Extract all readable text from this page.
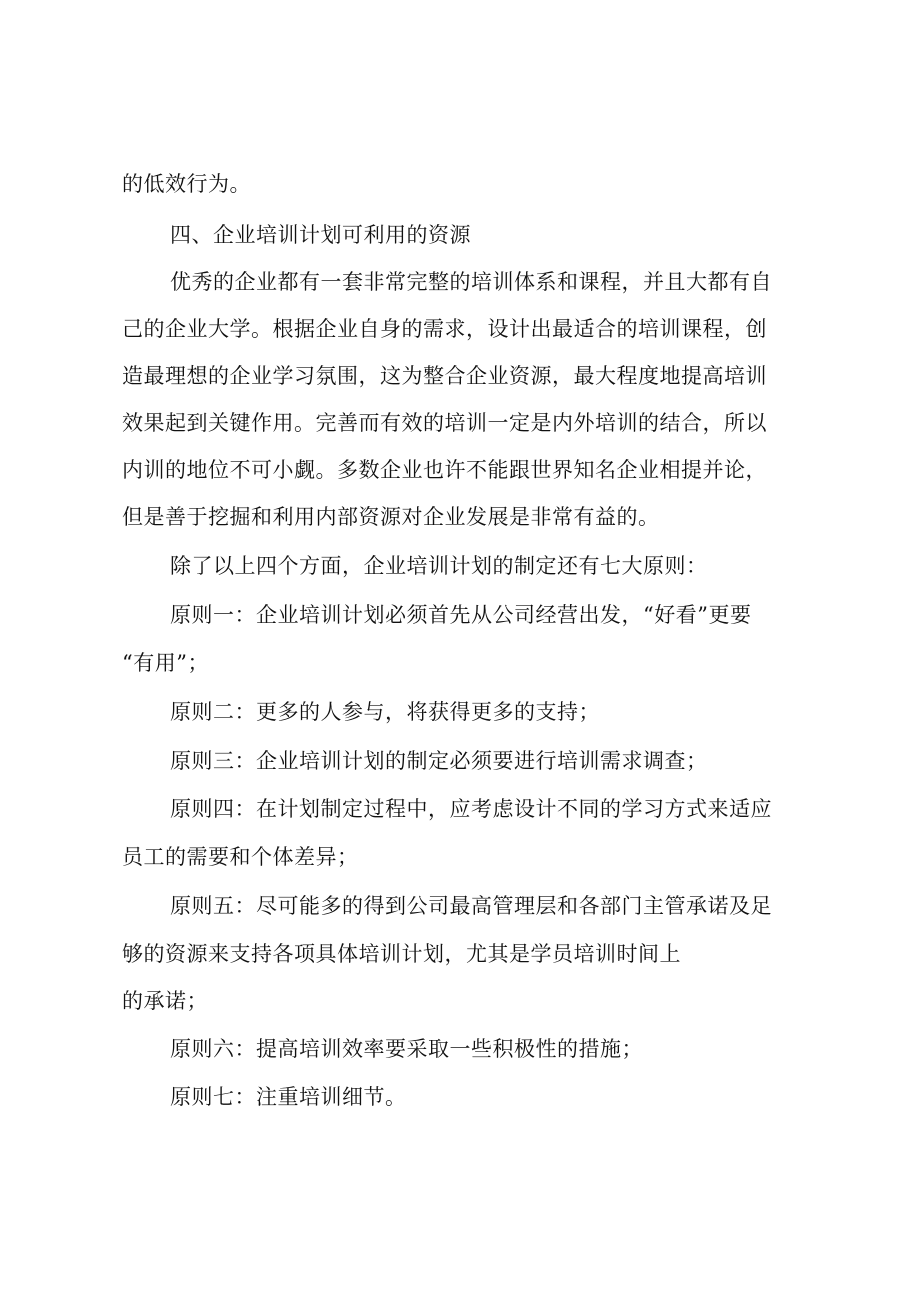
的低效行为。
四、企业培训计划可利用的资源
优秀的企业都有一套非常完整的培训体系和课程，并且大都有自
己的企业大学。根据企业自身的需求，设计出最适合的培训课程，创
造最理想的企业学习氛围，这为整合企业资源，最大程度地提高培训
效果起到关键作用。完善而有效的培训一定是内外培训的结合，所以
内训的地位不可小觑。多数企业也许不能跟世界知名企业相提并论，
但是善于挖掘和利用内部资源对企业发展是非常有益的。
除了以上四个方面，企业培训计划的制定还有七大原则：
原则一：企业培训计划必须首先从公司经营出发，“好看”更要
“有用”；
原则二：更多的人参与，将获得更多的支持；
原则三：企业培训计划的制定必须要进行培训需求调查；
原则四：在计划制定过程中，应考虑设计不同的学习方式来适应
员工的需要和个体差异；
原则五：尽可能多的得到公司最高管理层和各部门主管承诺及足
够的资源来支持各项具体培训计划，尤其是学员培训时间上
的承诺；
原则六：提高培训效率要采取一些积极性的措施；
原则七：注重培训细节。
